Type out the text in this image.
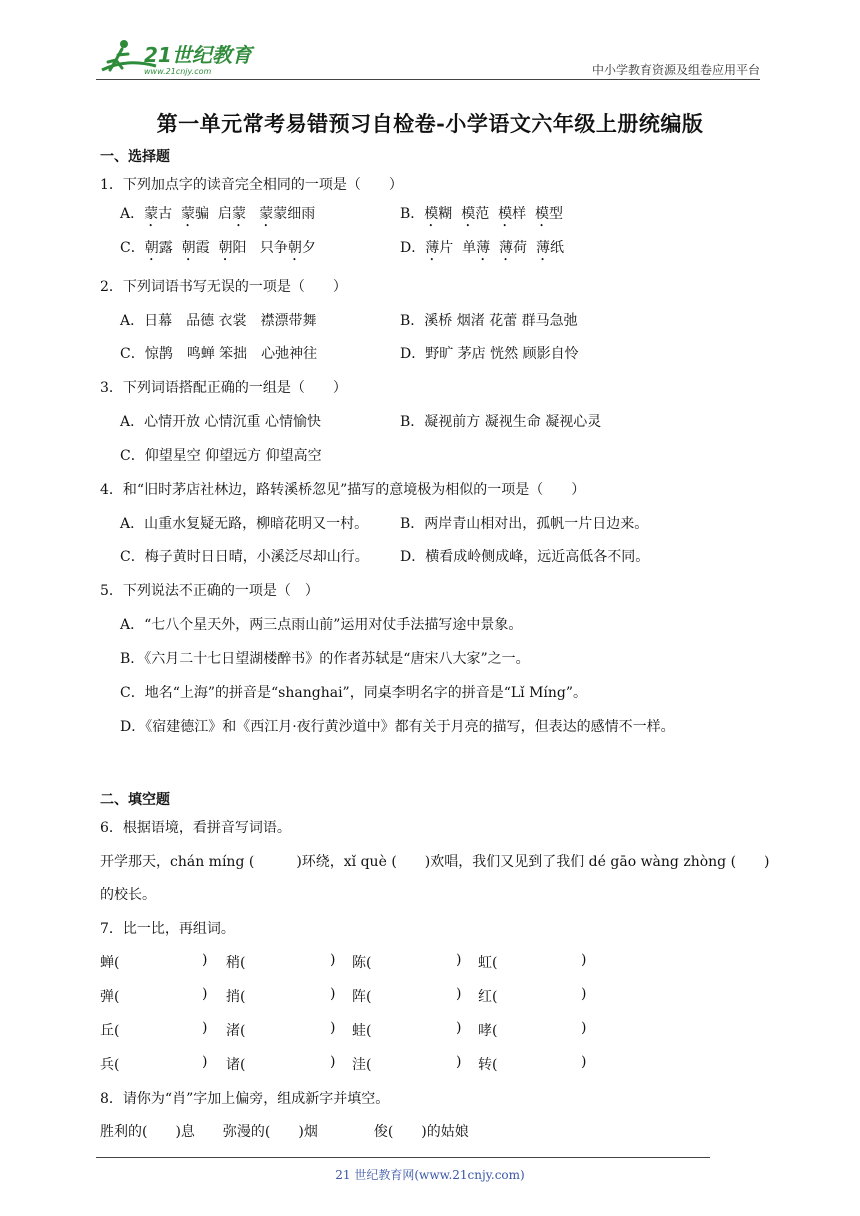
21世纪教育
www.21cnjy.com	中小学教育资源及组卷应用平台
第一单元常考易错预习自检卷-小学语文六年级上册统编版
一、选择题
1．下列加点字的读音完全相同的一项是（　　）
A．蒙古  蒙骗  启蒙 蒙蒙细雨	B．模糊  模范  模样  模型
C．朝露  朝霞  朝阳   只争朝夕	D．薄片  单薄 薄荷  薄纸
2．下列词语书写无误的一项是（　　）
A．日幕　品德 衣裳　襟漂带舞	B．溪桥 烟渚 花蕾 群马急弛
C．惊鹊　鸣蝉 笨拙　心弛神往	D．野旷 茅店 恍然 顾影自怜
3．下列词语搭配正确的一组是（　　）
A．心情开放 心情沉重 心情愉快	B．凝视前方 凝视生命 凝视心灵
C．仰望星空 仰望远方 仰望高空
4．和“旧时茅店社林边，路转溪桥忽见”描写的意境极为相似的一项是（　　）
A．山重水复疑无路，柳暗花明又一村。 B．两岸青山相对出，孤帆一片日边来。
C．梅子黄时日日晴，小溪泛尽却山行。 D．横看成岭侧成峰，远近高低各不同。
5．下列说法不正确的一项是（　）
A．“七八个星天外，两三点雨山前”运用对仗手法描写途中景象。
B．《六月二十七日望湖楼醉书》的作者苏轼是“唐宋八大家”之一。
C．地名“上海”的拼音是“shanghai”，同桌李明名字的拼音是“Lǐ Míng”。
D．《宿建德江》和《西江月·夜行黄沙道中》都有关于月亮的描写，但表达的感情不一样。
二、填空题
6．根据语境，看拼音写词语。
开学那天，chán míng (　　　)环绕，xǐ què (　　)欢唱，我们又见到了我们 dé gāo wàng zhòng (　　)
的校长。
7．比一比，再组词。
蝉(	) 稍(	) 陈(	) 虹(	)
弹(	) 捎(	) 阵(	) 红(	)
丘(	) 渚(	) 蛙(	) 哮(	)
兵(	) 诸(	) 洼(	) 转(	)
8．请你为“肖”字加上偏旁，组成新字并填空。
胜利的(　　)息　　弥漫的(　　)烟　　　　俊(　　)的姑娘
21 世纪教育网(www.21cnjy.com)
